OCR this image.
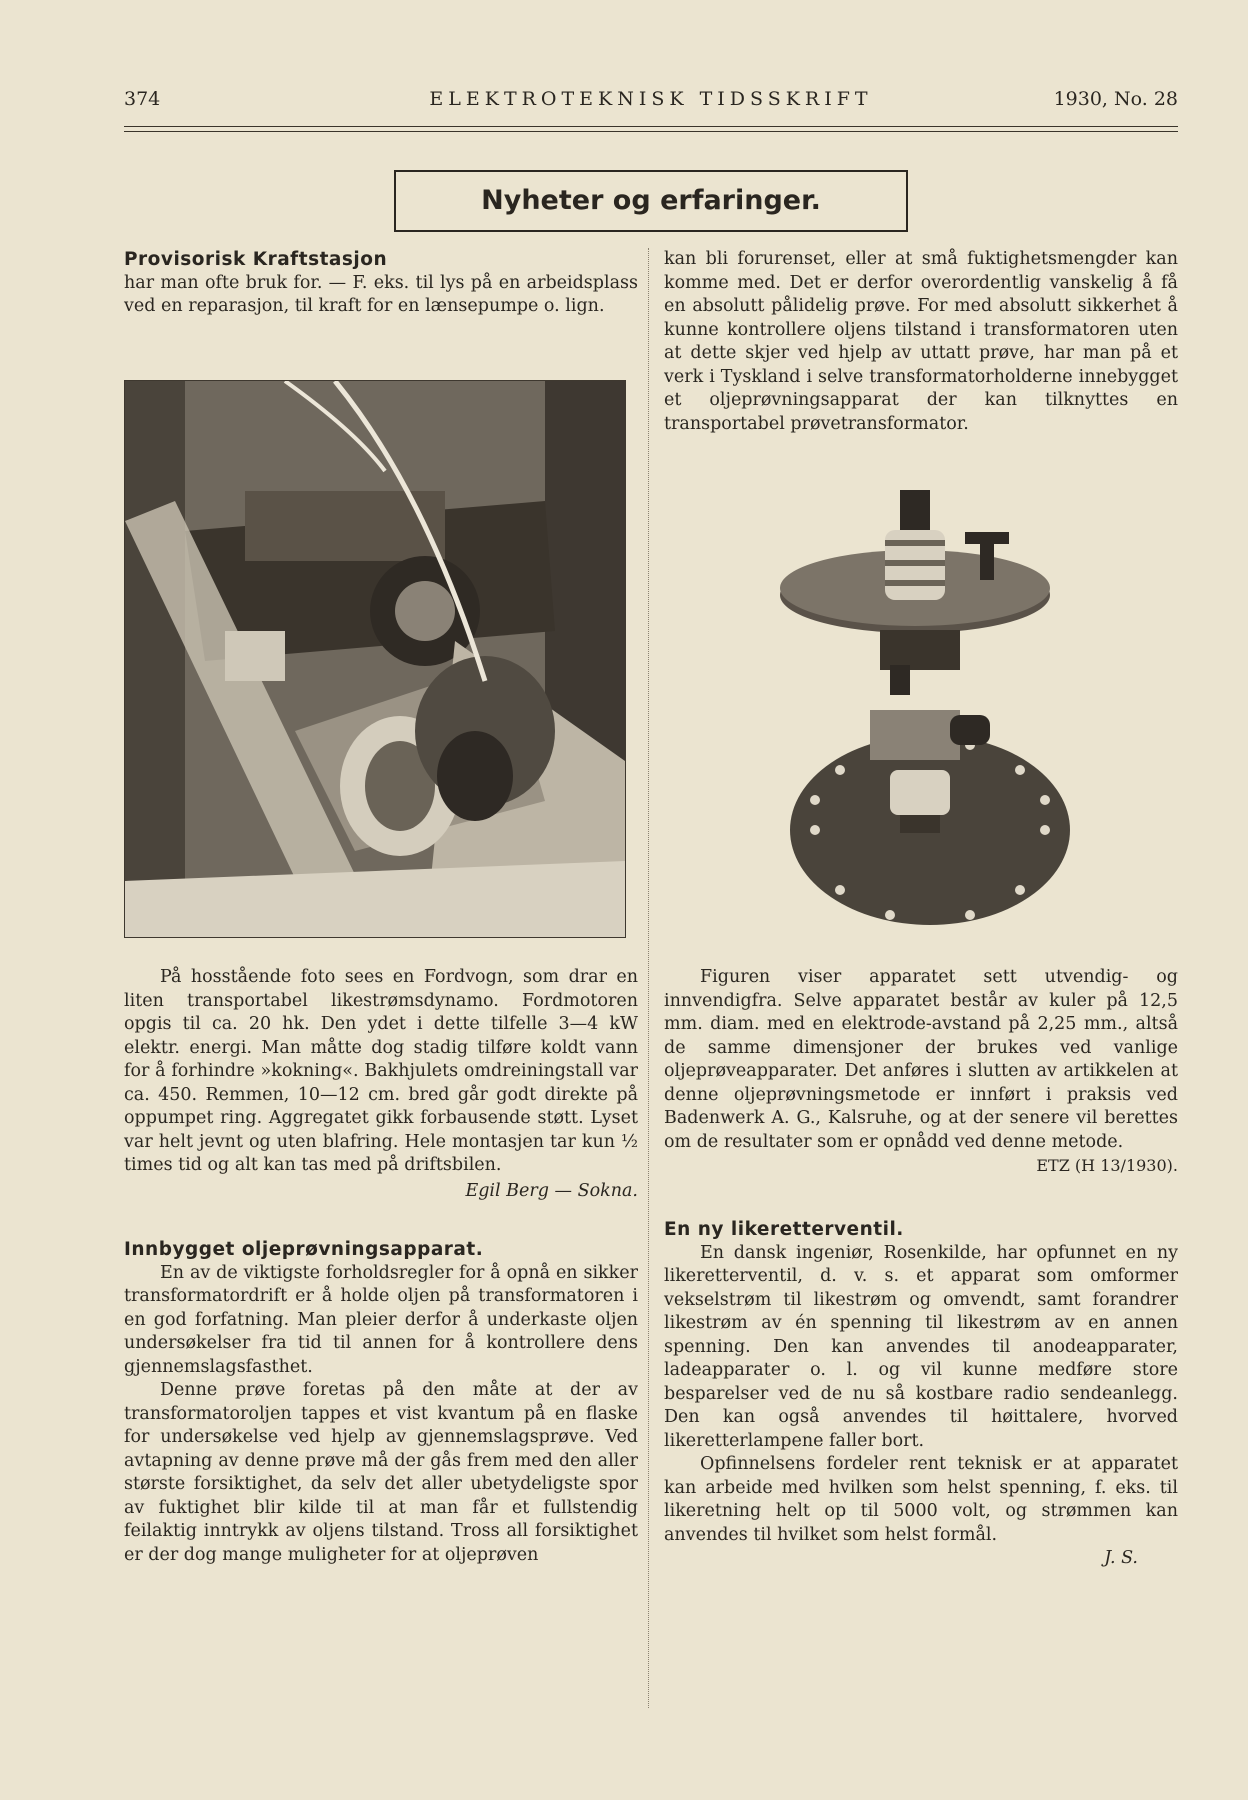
374	ELEKTROTEKNISK TIDSSKRIFT	1930, No. 28
Nyheter og erfaringer.

Provisorisk Kraftstasjon

har man ofte bruk for. — F. eks. til lys på en arbeidsplass ved en reparasjon, til kraft for en lænsepumpe o. lign.

På hosstående foto sees en Fordvogn, som drar en liten transportabel likestrømsdynamo. Fordmotoren opgis til ca. 20 hk. Den ydet i dette tilfelle 3—4 kW elektr. energi. Man måtte dog stadig tilføre koldt vann for å forhindre »kokning«. Bakhjulets omdreiningstall var ca. 450. Remmen, 10—12 cm. bred går godt direkte på oppumpet ring. Aggregatet gikk forbausende støtt. Lyset var helt jevnt og uten blafring. Hele montasjen tar kun ½ times tid og alt kan tas med på driftsbilen.

Egil Berg — Sokna.

Innbygget oljeprøvningsapparat.

En av de viktigste forholdsregler for å opnå en sikker transformatordrift er å holde oljen på transformatoren i en god forfatning. Man pleier derfor å underkaste oljen undersøkelser fra tid til annen for å kontrollere dens gjennemslagsfasthet.

Denne prøve foretas på den måte at der av transformatoroljen tappes et vist kvantum på en flaske for undersøkelse ved hjelp av gjennemslagsprøve. Ved avtapning av denne prøve må der gås frem med den aller største forsiktighet, da selv det aller ubetydeligste spor av fuktighet blir kilde til at man får et fullstendig feilaktig inntrykk av oljens tilstand. Tross all forsiktighet er der dog mange muligheter for at oljeprøven

kan bli forurenset, eller at små fuktighetsmengder kan komme med. Det er derfor overordentlig vanskelig å få en absolutt pålidelig prøve. For med absolutt sikkerhet å kunne kontrollere oljens tilstand i transformatoren uten at dette skjer ved hjelp av uttatt prøve, har man på et verk i Tyskland i selve transformatorholderne innebygget et oljeprøvningsapparat der kan tilknyttes en transportabel prøvetransformator.

Figuren viser apparatet sett utvendig- og innvendigfra. Selve apparatet består av kuler på 12,5 mm. diam. med en elektrode-avstand på 2,25 mm., altså de samme dimensjoner der brukes ved vanlige oljeprøveapparater. Det anføres i slutten av artikkelen at denne oljeprøvningsmetode er innført i praksis ved Badenwerk A. G., Kalsruhe, og at der senere vil berettes om de resultater som er opnådd ved denne metode.

ETZ (H 13/1930).

En ny likeretterventil.

En dansk ingeniør, Rosenkilde, har opfunnet en ny likeretterventil, d. v. s. et apparat som omformer vekselstrøm til likestrøm og omvendt, samt forandrer likestrøm av én spenning til likestrøm av en annen spenning. Den kan anvendes til anodeapparater, ladeapparater o. l. og vil kunne medføre store besparelser ved de nu så kostbare radio sendeanlegg. Den kan også anvendes til høittalere, hvorved likeretterlampene faller bort.

Opfinnelsens fordeler rent teknisk er at apparatet kan arbeide med hvilken som helst spenning, f. eks. til likeretning helt op til 5000 volt, og strømmen kan anvendes til hvilket som helst formål.

J. S.
